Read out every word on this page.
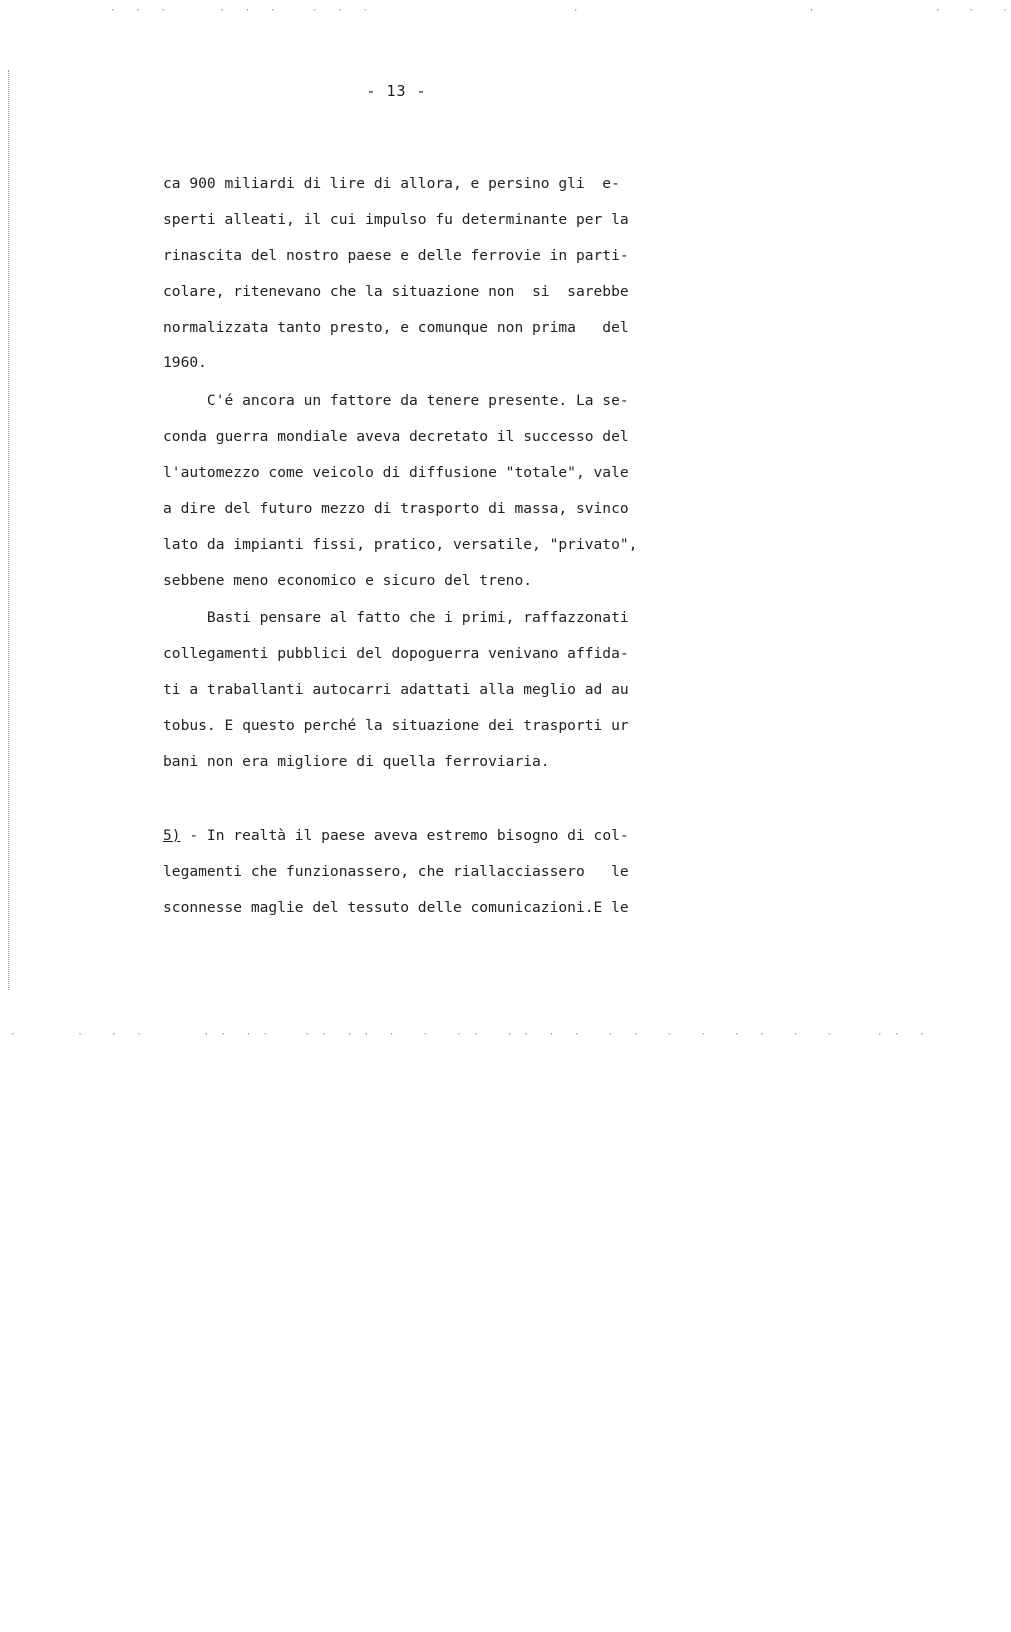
·  ·  ·      ·  ·  ·    ·  ·  ·                        ·                           ·              ·   ·   ·
·       ·   ·  ·       · ·  · ·    · ·  · ·  ·   ·   · ·   · ·  ·  ·   ·  ·   ·   ·   ·  ·   ·   ·     · ·  ·
- 13 -
ca 900 miliardi di lire di allora, e persino gli  e-
sperti alleati, il cui impulso fu determinante per la
rinascita del nostro paese e delle ferrovie in parti-
colare, ritenevano che la situazione non  si  sarebbe
normalizzata tanto presto, e comunque non prima   del
1960.
C'é ancora un fattore da tenere presente. La se-
conda guerra mondiale aveva decretato il successo del
l'automezzo come veicolo di diffusione "totale", vale
a dire del futuro mezzo di trasporto di massa, svinco
lato da impianti fissi, pratico, versatile, "privato",
sebbene meno economico e sicuro del treno.
Basti pensare al fatto che i primi, raffazzonati
collegamenti pubblici del dopoguerra venivano affida-
ti a traballanti autocarri adattati alla meglio ad au
tobus. E questo perché la situazione dei trasporti ur
bani non era migliore di quella ferroviaria.
5) - In realtà il paese aveva estremo bisogno di col-
legamenti che funzionassero, che riallacciassero   le
sconnesse maglie del tessuto delle comunicazioni.E le
